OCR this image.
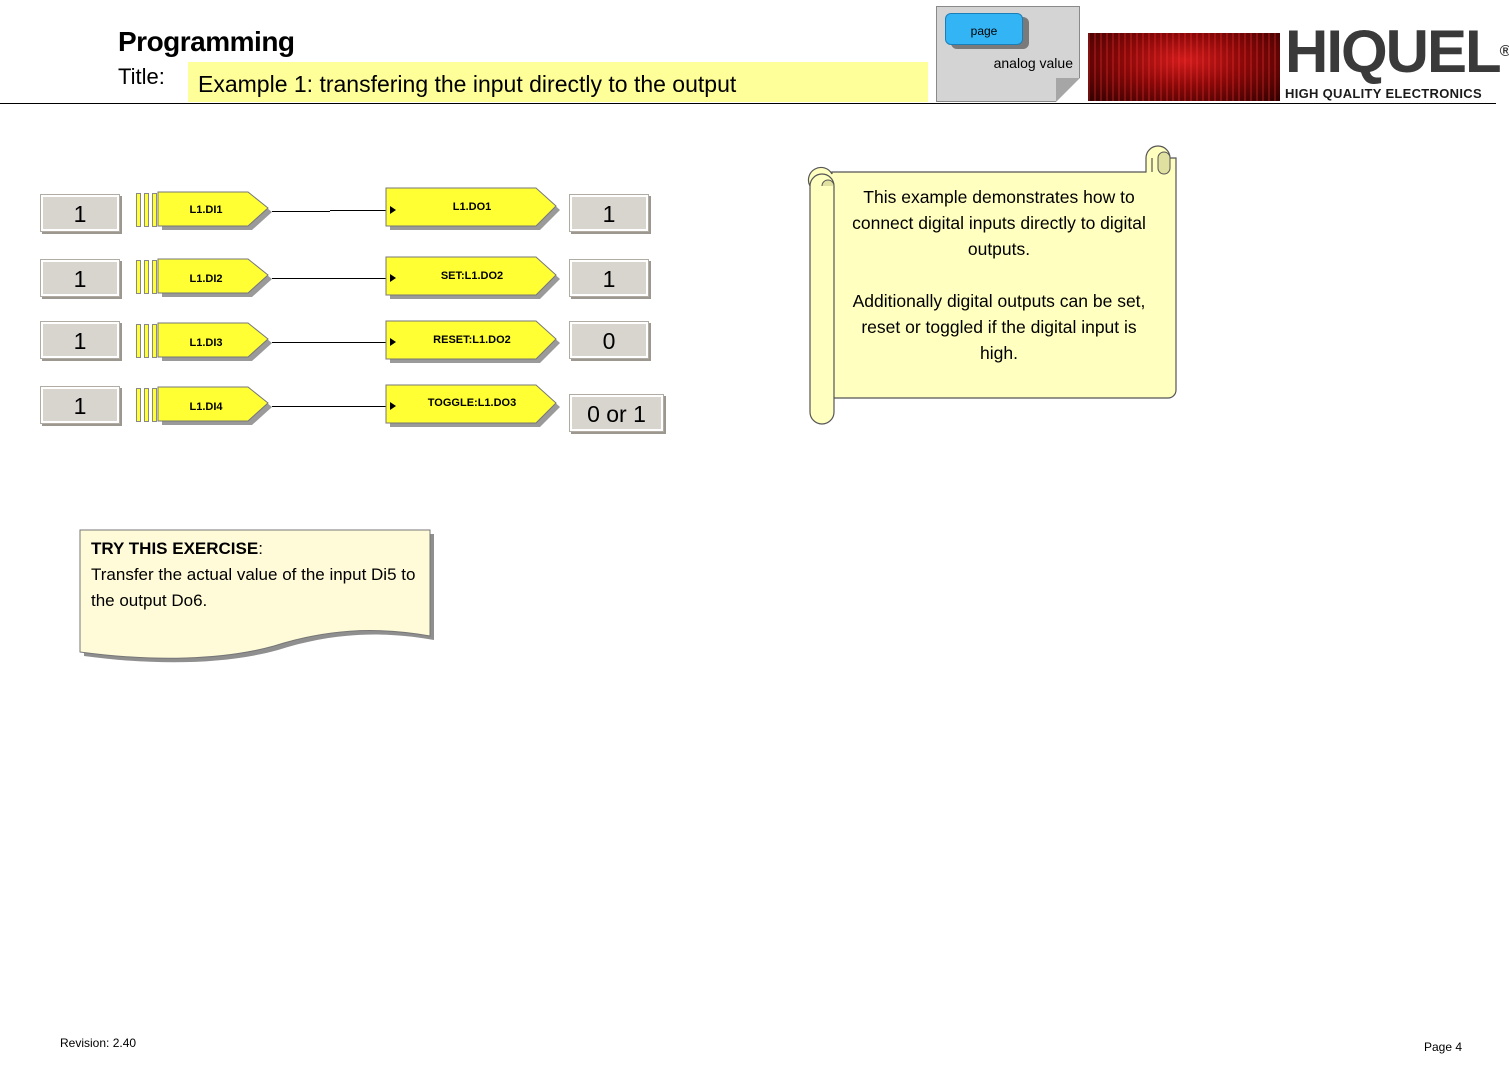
Programming
Title:	Example 1: transfering the input directly to the output
page
analog value
=1	HIQUEL®
HIGH QUALITY ELECTRONICS
1	L1.DI1	L1.DO1	1
1	L1.DI2	SET:L1.DO2	1
1	L1.DI3	RESET:L1.DO2	0
1	L1.DI4	TOGGLE:L1.DO3	0 or 1
This example demonstrates how to connect digital inputs directly to digital outputs.
Additionally digital outputs can be set, reset or toggled if the digital input is high.
TRY THIS EXERCISE:
Transfer the actual value of the input Di5 to the output Do6.
Revision: 2.40	Page 4
